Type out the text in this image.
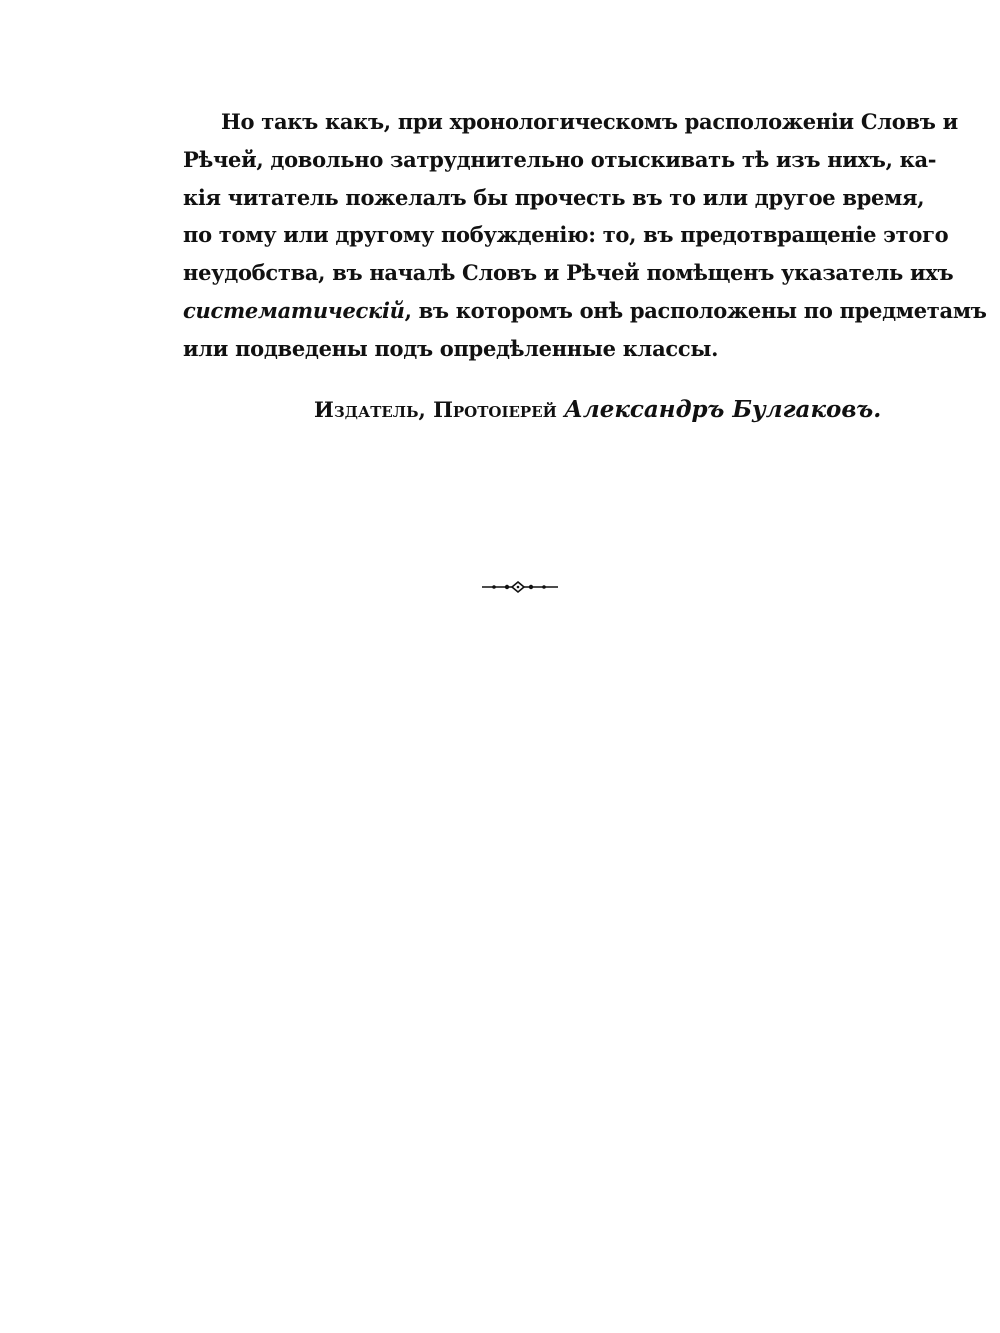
Но такъ какъ, при хронологическомъ расположенiи Словъ и
Рѣчей, довольно затруднительно отыскивать тѣ изъ нихъ, ка-
кiя читатель пожелалъ бы прочесть въ то или другое время,
по тому или другому побужденiю: то, въ предотвращенiе этого
неудобства, въ началѣ Словъ и Рѣчей помѣщенъ указатель ихъ
систематическiй, въ которомъ онѣ расположены по предметамъ
или подведены подъ опредѣленные классы.
Издатель, Протоiерей Александръ Булгаковъ.
